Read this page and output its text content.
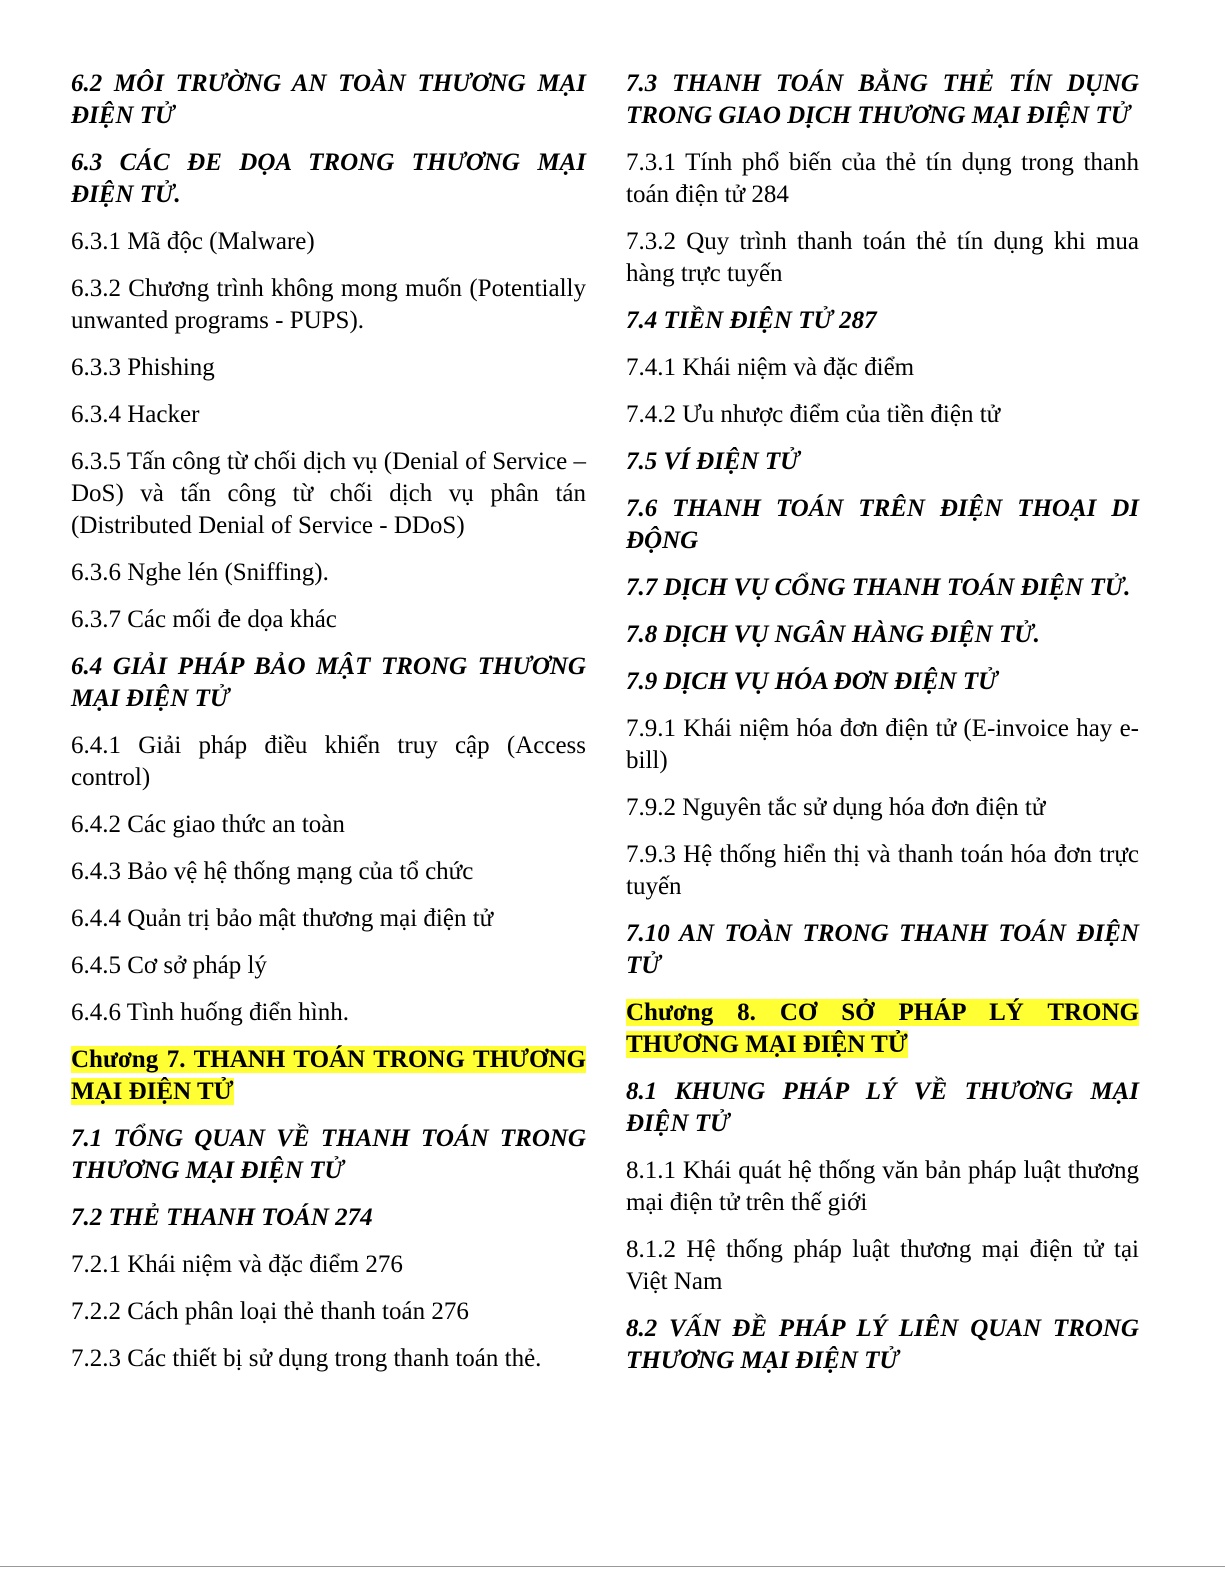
6.2 MÔI TRƯỜNG AN TOÀN THƯƠNG MẠI ĐIỆN TỬ

6.3 CÁC ĐE DỌA TRONG THƯƠNG MẠI ĐIỆN TỬ.

6.3.1 Mã độc (Malware)

6.3.2 Chương trình không mong muốn (Potentially unwanted programs - PUPS).

6.3.3 Phishing

6.3.4 Hacker

6.3.5 Tấn công từ chối dịch vụ (Denial of Service – DoS) và tấn công từ chối dịch vụ phân tán (Distributed Denial of Service - DDoS)

6.3.6 Nghe lén (Sniffing).

6.3.7 Các mối đe dọa khác

6.4 GIẢI PHÁP BẢO MẬT TRONG THƯƠNG MẠI ĐIỆN TỬ

6.4.1 Giải pháp điều khiển truy cập (Access control)

6.4.2 Các giao thức an toàn

6.4.3 Bảo vệ hệ thống mạng của tổ chức

6.4.4 Quản trị bảo mật thương mại điện tử

6.4.5 Cơ sở pháp lý

6.4.6 Tình huống điển hình.

Chương 7. THANH TOÁN TRONG THƯƠNG MẠI ĐIỆN TỬ

7.1 TỔNG QUAN VỀ THANH TOÁN TRONG THƯƠNG MẠI ĐIỆN TỬ

7.2 THẺ THANH TOÁN 274

7.2.1 Khái niệm và đặc điểm 276

7.2.2 Cách phân loại thẻ thanh toán 276

7.2.3 Các thiết bị sử dụng trong thanh toán thẻ.

7.3 THANH TOÁN BẰNG THẺ TÍN DỤNG TRONG GIAO DỊCH THƯƠNG MẠI ĐIỆN TỬ

7.3.1 Tính phổ biến của thẻ tín dụng trong thanh toán điện tử 284

7.3.2 Quy trình thanh toán thẻ tín dụng khi mua hàng trực tuyến

7.4 TIỀN ĐIỆN TỬ 287

7.4.1 Khái niệm và đặc điểm

7.4.2 Ưu nhược điểm của tiền điện tử

7.5 VÍ ĐIỆN TỬ

7.6 THANH TOÁN TRÊN ĐIỆN THOẠI DI ĐỘNG

7.7 DỊCH VỤ CỔNG THANH TOÁN ĐIỆN TỬ.

7.8 DỊCH VỤ NGÂN HÀNG ĐIỆN TỬ.

7.9 DỊCH VỤ HÓA ĐƠN ĐIỆN TỬ

7.9.1 Khái niệm hóa đơn điện tử (E-invoice hay e-bill)

7.9.2 Nguyên tắc sử dụng hóa đơn điện tử

7.9.3 Hệ thống hiển thị và thanh toán hóa đơn trực tuyến

7.10 AN TOÀN TRONG THANH TOÁN ĐIỆN TỬ

Chương 8. CƠ SỞ PHÁP LÝ TRONG THƯƠNG MẠI ĐIỆN TỬ

8.1 KHUNG PHÁP LÝ VỀ THƯƠNG MẠI ĐIỆN TỬ

8.1.1 Khái quát hệ thống văn bản pháp luật thương mại điện tử trên thế giới

8.1.2 Hệ thống pháp luật thương mại điện tử tại Việt Nam

8.2 VẤN ĐỀ PHÁP LÝ LIÊN QUAN TRONG THƯƠNG MẠI ĐIỆN TỬ
